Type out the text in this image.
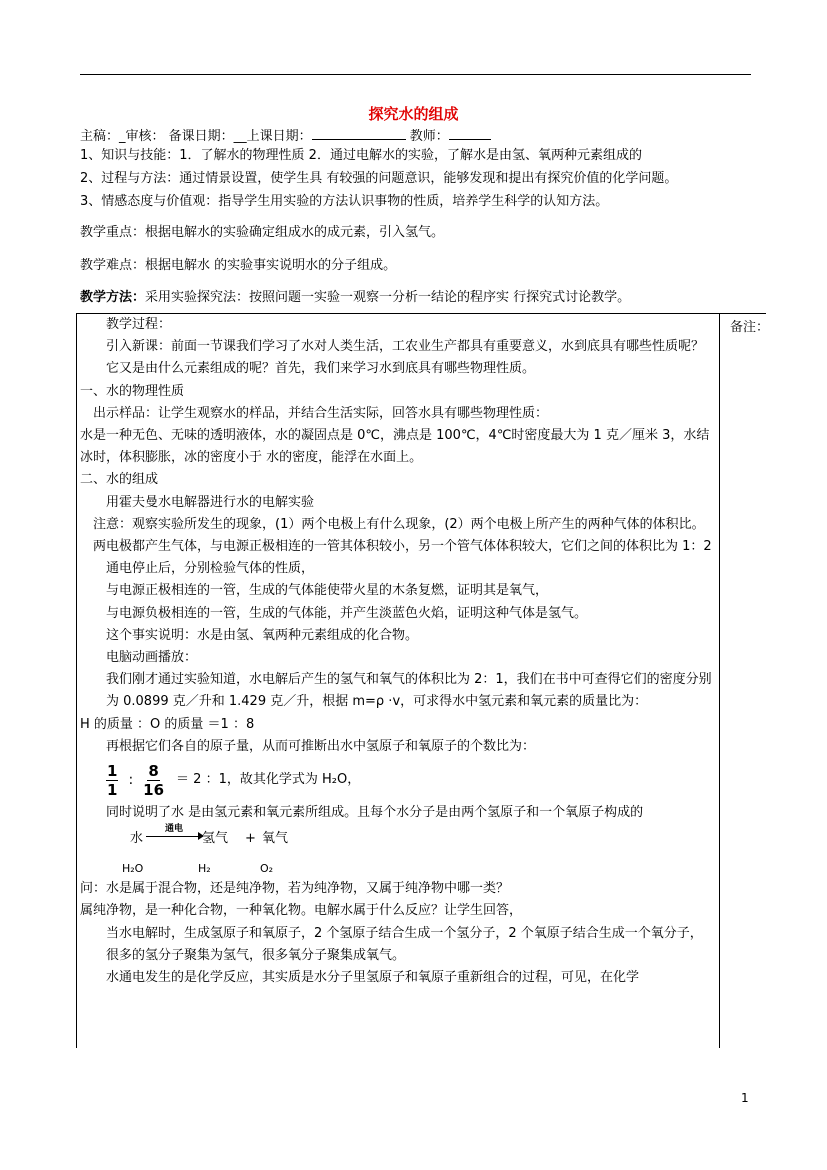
探究水的组成
主稿：_审核： 备课日期：__上课日期：	教师：
1、知识与技能：1．了解水的物理性质 2．通过电解水的实验，了解水是由氢、氧两种元素组成的
2、过程与方法：通过情景设置，使学生具 有较强的问题意识，能够发现和提出有探究价值的化学问题。
3、情感态度与价值观：指导学生用实验的方法认识事物的性质，培养学生科学的认知方法。
教学重点：根据电解水的实验确定组成水的成元素，引入氢气。
教学难点：根据电解水 的实验事实说明水的分子组成。
教学方法：采用实验探究法：按照问题一实验一观察一分析一结论的程序实 行探究式讨论教学。
备注：

教学过程：

引入新课：前面一节课我们学习了水对人类生活，工农业生产都具有重要意义，水到底具有哪些性质呢？它又是由什么元素组成的呢？首先，我们来学习水到底具有哪些物理性质。

一、水的物理性质

出示样品：让学生观察水的样品，并结合生活实际，回答水具有哪些物理性质：

水是一种无色、无味的透明液体，水的凝固点是 0℃，沸点是 100℃，4℃时密度最大为 1 克／厘米 3，水结冰时，体积膨胀，冰的密度小于 水的密度，能浮在水面上。

二、水的组成

用霍夫曼水电解器进行水的电解实验

注意：观察实验所发生的现象，(1）两个电极上有什么现象，(2）两个电极上所产生的两种气体的体积比。

两电极都产生气体，与电源正极相连的一管其体积较小，另一个管气体体积较大，它们之间的体积比为 1：2

通电停止后，分别检验气体的性质，

与电源正极相连的一管，生成的气体能使带火星的木条复燃，证明其是氧气，

与电源负极相连的一管，生成的气体能，并产生淡蓝色火焰，证明这种气体是氢气。

这个事实说明：水是由氢、氧两种元素组成的化合物。

电脑动画播放：

我们刚才通过实验知道，水电解后产生的氢气和氧气的体积比为 2：1，我们在书中可查得它们的密度分别为 0.0899 克／升和 1.429 克／升，根据 m=ρ ·v，可求得水中氢元素和氧元素的质量比为：

H 的质量 ：O 的质量 ＝1 ：8

再根据它们各自的原子量，从而可推断出水中氢原子和氧原子的个数比为：

$\frac{1}{1}$ : $\frac{8}{16} = 2$ ：1，故其化学式为 H₂O，

同时说明了水 是由氢元素和氧元素所组成。且每个水分子是由两个氢原子和一个氧原子构成的

水
通电
氢气 + 氧气
H₂O	H₂	O₂

问：水是属于混合物，还是纯净物，若为纯净物，又属于纯净物中哪一类？

属纯净物，是一种化合物，一种氧化物。电解水属于什么反应？让学生回答，

当水电解时，生成氢原子和氧原子，2 个氢原子结合生成一个氢分子，2 个氧原子结合生成一个氧分子，很多的氢分子聚集为氢气，很多氧分子聚集成氧气。

水通电发生的是化学反应，其实质是水分子里氢原子和氧原子重新组合的过程，可见，在化学

1
